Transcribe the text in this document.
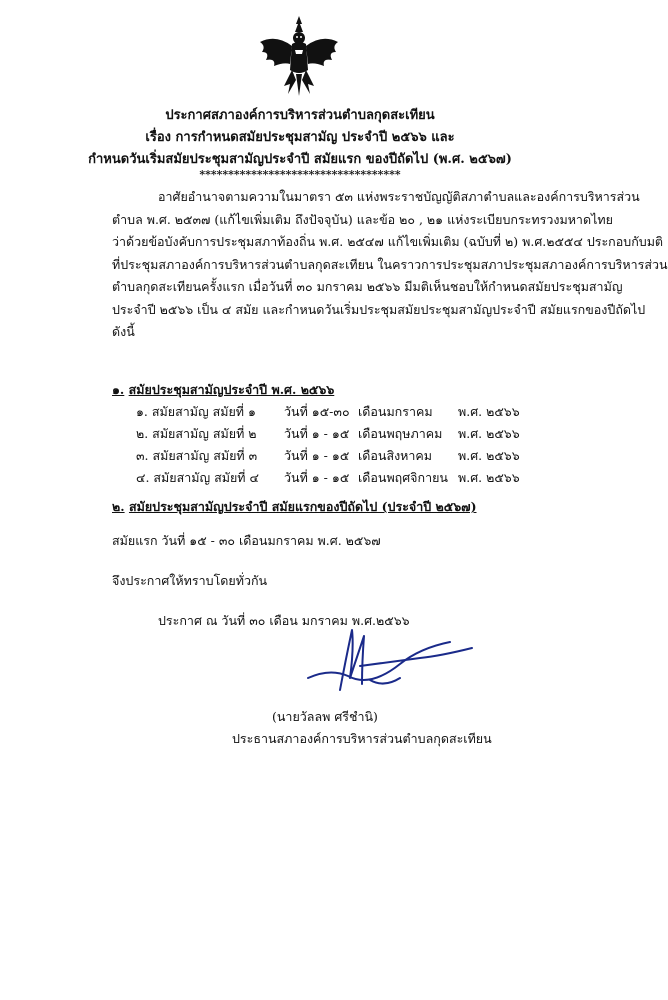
ประกาศสภาองค์การบริหารส่วนตำบลกุดสะเทียน
เรื่อง การกำหนดสมัยประชุมสามัญ ประจำปี ๒๕๖๖ และ
กำหนดวันเริ่มสมัยประชุมสามัญประจำปี สมัยแรก ของปีถัดไป (พ.ศ. ๒๕๖๗)
***********************************
อาศัยอำนาจตามความในมาตรา ๕๓ แห่งพระราชบัญญัติสภาตำบลและองค์การบริหารส่วน
ตำบล พ.ศ. ๒๕๓๗ (แก้ไขเพิ่มเติม ถึงปัจจุบัน) และข้อ ๒๐ , ๒๑ แห่งระเบียบกระทรวงมหาดไทย
ว่าด้วยข้อบังคับการประชุมสภาท้องถิ่น พ.ศ. ๒๕๔๗ แก้ไขเพิ่มเติม (ฉบับที่ ๒) พ.ศ.๒๕๕๔ ประกอบกับมติ
ที่ประชุมสภาองค์การบริหารส่วนตำบลกุดสะเทียน ในคราวการประชุมสภาประชุมสภาองค์การบริหารส่วน
ตำบลกุดสะเทียนครั้งแรก เมื่อวันที่ ๓๐ มกราคม ๒๕๖๖ มีมติเห็นชอบให้กำหนดสมัยประชุมสามัญ
ประจำปี ๒๕๖๖ เป็น ๔ สมัย และกำหนดวันเริ่มประชุมสมัยประชุมสามัญประจำปี สมัยแรกของปีถัดไป
ดังนี้
๑. สมัยประชุมสามัญประจำปี พ.ศ. ๒๕๖๖
๑. สมัยสามัญ สมัยที่ ๑ วันที่ ๑๕-๓๐ เดือนมกราคม พ.ศ. ๒๕๖๖
๒. สมัยสามัญ สมัยที่ ๒ วันที่ ๑ - ๑๕ เดือนพฤษภาคม พ.ศ. ๒๕๖๖
๓. สมัยสามัญ สมัยที่ ๓ วันที่ ๑ - ๑๕ เดือนสิงหาคม พ.ศ. ๒๕๖๖
๔. สมัยสามัญ สมัยที่ ๔ วันที่ ๑ - ๑๕ เดือนพฤศจิกายน พ.ศ. ๒๕๖๖
๒. สมัยประชุมสามัญประจำปี สมัยแรกของปีถัดไป (ประจำปี ๒๕๖๗)
สมัยแรก วันที่ ๑๕ - ๓๐ เดือนมกราคม พ.ศ. ๒๕๖๗
จึงประกาศให้ทราบโดยทั่วกัน
ประกาศ ณ วันที่ ๓๐ เดือน มกราคม พ.ศ.๒๕๖๖
(นายวัลลพ ศรีชำนิ)
ประธานสภาองค์การบริหารส่วนตำบลกุดสะเทียน
